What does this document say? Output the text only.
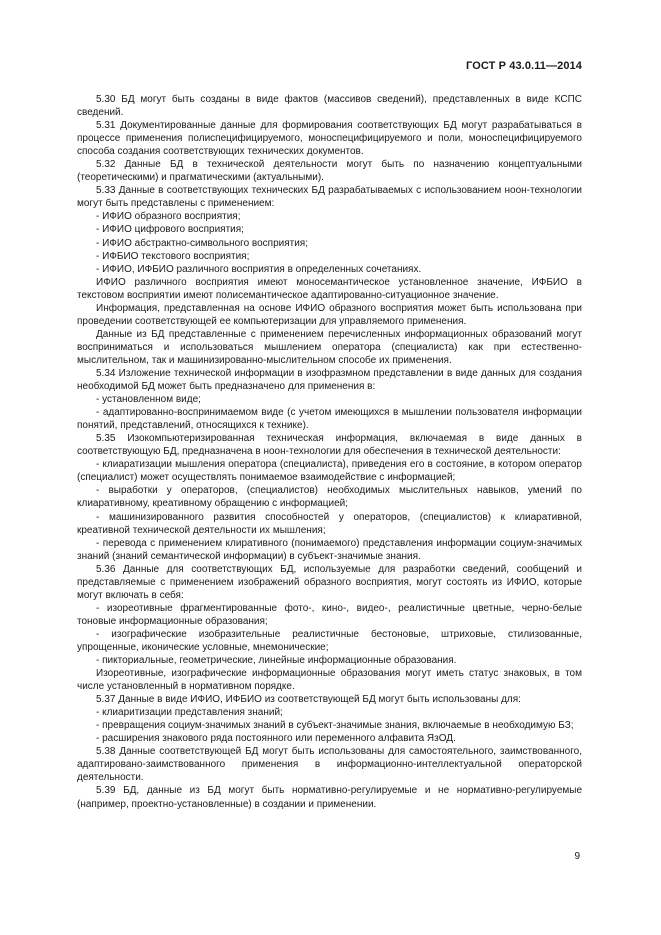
ГОСТ Р 43.0.11—2014

5.30 БД могут быть созданы в виде фактов (массивов сведений), представленных в виде КСПС сведений.

5.31 Документированные данные для формирования соответствующих БД могут разрабатываться в процессе применения полиспецифицируемого, моноспецифицируемого и поли, моноспецифицируемого способа создания соответствующих технических документов.

5.32 Данные БД в технической деятельности могут быть по назначению концептуальными (теоретическими) и прагматическими (актуальными).

5.33 Данные в соответствующих технических БД разрабатываемых с использованием ноон-технологии могут быть представлены с применением:

- ИФИО образного восприятия;

- ИФИО цифрового восприятия;

- ИФИО абстрактно-символьного восприятия;

- ИФБИО текстового восприятия;

- ИФИО, ИФБИО различного восприятия в определенных сочетаниях.

ИФИО различного восприятия имеют моносемантическое установленное значение, ИФБИО в текстовом восприятии имеют полисемантическое адаптированно-ситуационное значение.

Информация, представленная на основе ИФИО образного восприятия может быть использована при проведении соответствующей ее компьютеризации для управляемого применения.

Данные из БД представленные с применением перечисленных информационных образований могут восприниматься и использоваться мышлением оператора (специалиста) как при естественно-мыслительном, так и машинизированно-мыслительном способе их применения.

5.34 Изложение технической информации в изофразмном представлении в виде данных для создания необходимой БД может быть предназначено для применения в:

- установленном виде;

- адаптированно-воспринимаемом виде (с учетом имеющихся в мышлении пользователя информации понятий, представлений, относящихся к технике).

5.35 Изокомпьютеризированная техническая информация, включаемая в виде данных в соответствующую БД, предназначена в ноон-технологии для обеспечения в технической деятельности:

- клиаратизации мышления оператора (специалиста), приведения его в состояние, в котором оператор (специалист) может осуществлять понимаемое взаимодействие с информацией;

- выработки у операторов, (специалистов) необходимых мыслительных навыков, умений по клиаративному, креативному обращению с информацией;

- машинизированного развития способностей у операторов, (специалистов) к клиаративной, креативной технической деятельности их мышления;

- перевода с применением клиративного (понимаемого) представления информации социум-значимых знаний (знаний семантической информации) в субъект-значимые знания.

5.36 Данные для соответствующих БД, используемые для разработки сведений, сообщений и представляемые с применением изображений образного восприятия, могут состоять из ИФИО, которые могут включать в себя:

- изореотивные фрагментированные фото-, кино-, видео-, реалистичные цветные, черно-белые тоновые информационные образования;

- изографические изобразительные реалистичные бестоновые, штриховые, стилизованные, упрощенные, иконические условные, мнемонические;

- пиктoриальные, геометрические, линейные информационные образования.

Изореотивные, изографические информационные образования могут иметь статус знаковых, в том числе установленный в нормативном порядке.

5.37 Данные в виде ИФИО, ИФБИО из соответствующей БД могут быть использованы для:

- клиаритизации представления знаний;

- превращения социум-значимых знаний в субъект-значимые знания, включаемые в необходимую БЗ;

- расширения знакового ряда постоянного или переменного алфавита ЯзОД.

5.38 Данные соответствующей БД могут быть использованы для самостоятельного, заимствованного, адаптировано-заимствованного применения в информационно-интеллектуальной операторской деятельности.

5.39 БД, данные из БД могут быть нормативно-регулируемые и не нормативно-регулируемые (например, проектно-установленные) в создании и применении.

9
